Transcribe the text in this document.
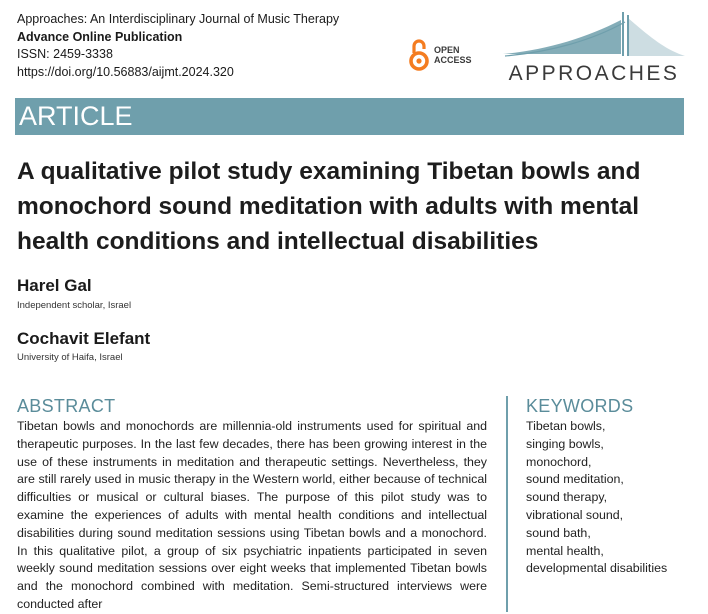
Approaches: An Interdisciplinary Journal of Music Therapy
Advance Online Publication
ISSN: 2459-3338
https://doi.org/10.56883/aijmt.2024.320
OPEN
ACCESS
APPROACHES
ARTICLE
A qualitative pilot study examining Tibetan bowls and monochord sound meditation with adults with mental health conditions and intellectual disabilities
Harel Gal
Independent scholar, Israel
Cochavit Elefant
University of Haifa, Israel
ABSTRACT
Tibetan bowls and monochords are millennia-old instruments used for spiritual and therapeutic purposes. In the last few decades, there has been growing interest in the use of these instruments in meditation and therapeutic settings. Nevertheless, they are still rarely used in music therapy in the Western world, either because of technical difficulties or musical or cultural biases. The purpose of this pilot study was to examine the experiences of adults with mental health conditions and intellectual disabilities during sound meditation sessions using Tibetan bowls and a monochord. In this qualitative pilot, a group of six psychiatric inpatients participated in seven weekly sound meditation sessions over eight weeks that implemented Tibetan bowls and the monochord combined with meditation. Semi-structured interviews were conducted after
KEYWORDS
Tibetan bowls,
singing bowls,
monochord,
sound meditation,
sound therapy,
vibrational sound,
sound bath,
mental health,
developmental disabilities
